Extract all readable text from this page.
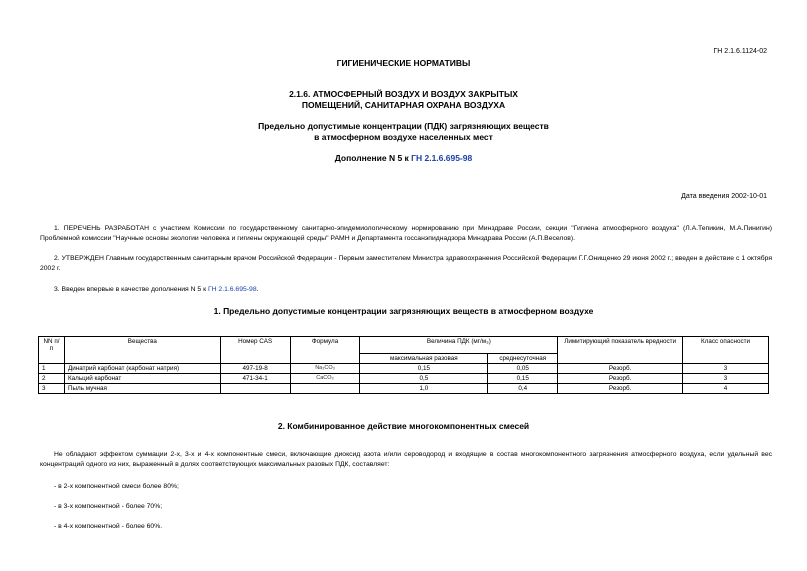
ГН 2.1.6.1124-02
ГИГИЕНИЧЕСКИЕ НОРМАТИВЫ
2.1.6. АТМОСФЕРНЫЙ ВОЗДУХ И ВОЗДУХ ЗАКРЫТЫХ
ПОМЕЩЕНИЙ, САНИТАРНАЯ ОХРАНА ВОЗДУХА
Предельно допустимые концентрации (ПДК) загрязняющих веществ
в атмосферном воздухе населенных мест
Дополнение N 5 к ГН 2.1.6.695-98
Дата введения 2002-10-01
1. ПЕРЕЧЕНЬ РАЗРАБОТАН с участием Комиссии по государственному санитарно-эпидемиологическому нормированию при Минздраве России, секции "Гигиена атмосферного воздуха" (Л.А.Тепикин, М.А.Пинигин) Проблемной комиссии "Научные основы экологии человека и гигиены окружающей среды" РАМН и Департамента госсанэпиднадзора Минздрава России (А.П.Веселов).
2. УТВЕРЖДЕН Главным государственным санитарным врачом Российской Федерации - Первым заместителем Министра здравоохранения Российской Федерации Г.Г.Онищенко 29 июня 2002 г.; введен в действие с 1 октября 2002 г.
3. Введен впервые в качестве дополнения N 5 к ГН 2.1.6.695-98.
1. Предельно допустимые концентрации загрязняющих веществ в атмосферном воздухе
NN п/п	Вещества	Номер CAS	Формула	Величина ПДК (мг/м₃)		Лимитирующий показатель вредности	Класс опасности
				максимальная разовая	среднесуточная		
1	Динатрий карбонат (карбонат натрия)	497-19-8	Na₂CO₃	0,15	0,05	Резорб.	3
2	Кальций карбонат	471-34-1	CaCO₃	0,5	0,15	Резорб.	3
3	Пыль мучная			1,0	0,4	Резорб.	4
2. Комбинированное действие многокомпонентных смесей
Не обладают эффектом суммации 2-х, 3-х и 4-х компонентные смеси, включающие диоксид азота и/или сероводород и входящие в состав многокомпонентного загрязнения атмосферного воздуха, если удельный вес концентраций одного из них, выраженный в долях соответствующих максимальных разовых ПДК, составляет:
- в 2-х компонентной смеси более 80%;
- в 3-х компонентной - более 70%;
- в 4-х компонентной - более 60%.
